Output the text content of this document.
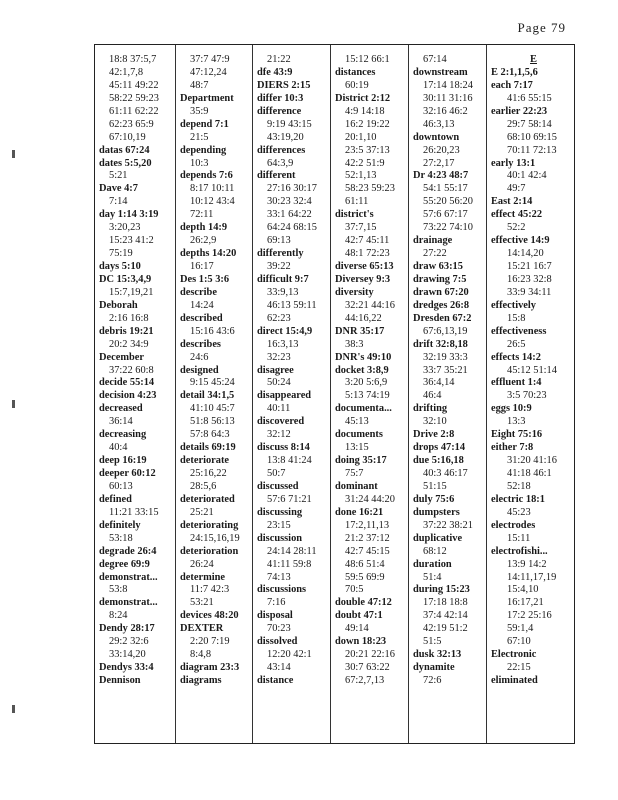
Page 79
18:8 37:5,7
42:1,7,8
45:11 49:22
58:22 59:23
61:11 62:22
62:23 65:9
67:10,19
datas 67:24
dates 5:5,20
5:21
Dave 4:7
7:14
day 1:14 3:19
3:20,23
15:23 41:2
75:19
days 5:10
DC 15:3,4,9
15:7,19,21
Deborah
2:16 16:8
debris 19:21
20:2 34:9
December
37:22 60:8
decide 55:14
decision 4:23
decreased
36:14
decreasing
40:4
deep 16:19
deeper 60:12
60:13
defined
11:21 33:15
definitely
53:18
degrade 26:4
degree 69:9
demonstrat...
53:8
demonstrat...
8:24
Dendy 28:17
29:2 32:6
33:14,20
Dendys 33:4
Dennison
37:7 47:9
47:12,24
48:7
Department
35:9
depend 7:1
21:5
depending
10:3
depends 7:6
8:17 10:11
10:12 43:4
72:11
depth 14:9
26:2,9
depths 14:20
16:17
Des 1:5 3:6
describe
14:24
described
15:16 43:6
describes
24:6
designed
9:15 45:24
detail 34:1,5
41:10 45:7
51:8 56:13
57:8 64:3
details 69:19
deteriorate
25:16,22
28:5,6
deteriorated
25:21
deteriorating
24:15,16,19
deterioration
26:24
determine
11:7 42:3
53:21
devices 48:20
DEXTER
2:20 7:19
8:4,8
diagram 23:3
diagrams
21:22
dfe 43:9
DIERS 2:15
differ 10:3
difference
9:19 43:15
43:19,20
differences
64:3,9
different
27:16 30:17
30:23 32:4
33:1 64:22
64:24 68:15
69:13
differently
39:22
difficult 9:7
33:9,13
46:13 59:11
62:23
direct 15:4,9
16:3,13
32:23
disagree
50:24
disappeared
40:11
discovered
32:12
discuss 8:14
13:8 41:24
50:7
discussed
57:6 71:21
discussing
23:15
discussion
24:14 28:11
41:11 59:8
74:13
discussions
7:16
disposal
70:23
dissolved
12:20 42:1
43:14
distance
15:12 66:1
distances
60:19
District 2:12
4:9 14:18
16:2 19:22
20:1,10
23:5 37:13
42:2 51:9
52:1,13
58:23 59:23
61:11
district's
37:7,15
42:7 45:11
48:1 72:23
diverse 65:13
Diversey 9:3
diversity
32:21 44:16
44:16,22
DNR 35:17
38:3
DNR's 49:10
docket 3:8,9
3:20 5:6,9
5:13 74:19
documenta...
45:13
documents
13:15
doing 35:17
75:7
dominant
31:24 44:20
done 16:21
17:2,11,13
21:2 37:12
42:7 45:15
48:6 51:4
59:5 69:9
70:5
double 47:12
doubt 47:1
49:14
down 18:23
20:21 22:16
30:7 63:22
67:2,7,13
67:14
downstream
17:14 18:24
30:11 31:16
32:16 46:2
46:3,13
downtown
26:20,23
27:2,17
Dr 4:23 48:7
54:1 55:17
55:20 56:20
57:6 67:17
73:22 74:10
drainage
27:22
draw 63:15
drawing 7:5
drawn 67:20
dredges 26:8
Dresden 67:2
67:6,13,19
drift 32:8,18
32:19 33:3
33:7 35:21
36:4,14
46:4
drifting
32:10
Drive 2:8
drops 47:14
due 5:16,18
40:3 46:17
51:15
duly 75:6
dumpsters
37:22 38:21
duplicative
68:12
duration
51:4
during 15:23
17:18 18:8
37:4 42:14
42:19 51:2
51:5
dusk 32:13
dynamite
72:6
E
E 2:1,1,5,6
each 7:17
41:6 55:15
earlier 22:23
29:7 58:14
68:10 69:15
70:11 72:13
early 13:1
40:1 42:4
49:7
East 2:14
effect 45:22
52:2
effective 14:9
14:14,20
15:21 16:7
16:23 32:8
33:9 34:11
effectively
15:8
effectiveness
26:5
effects 14:2
45:12 51:14
effluent 1:4
3:5 70:23
eggs 10:9
13:3
Eight 75:16
either 7:8
31:20 41:16
41:18 46:1
52:18
electric 18:1
45:23
electrodes
15:11
electrofishi...
13:9 14:2
14:11,17,19
15:4,10
16:17,21
17:2 25:16
59:1,4
67:10
Electronic
22:15
eliminated
